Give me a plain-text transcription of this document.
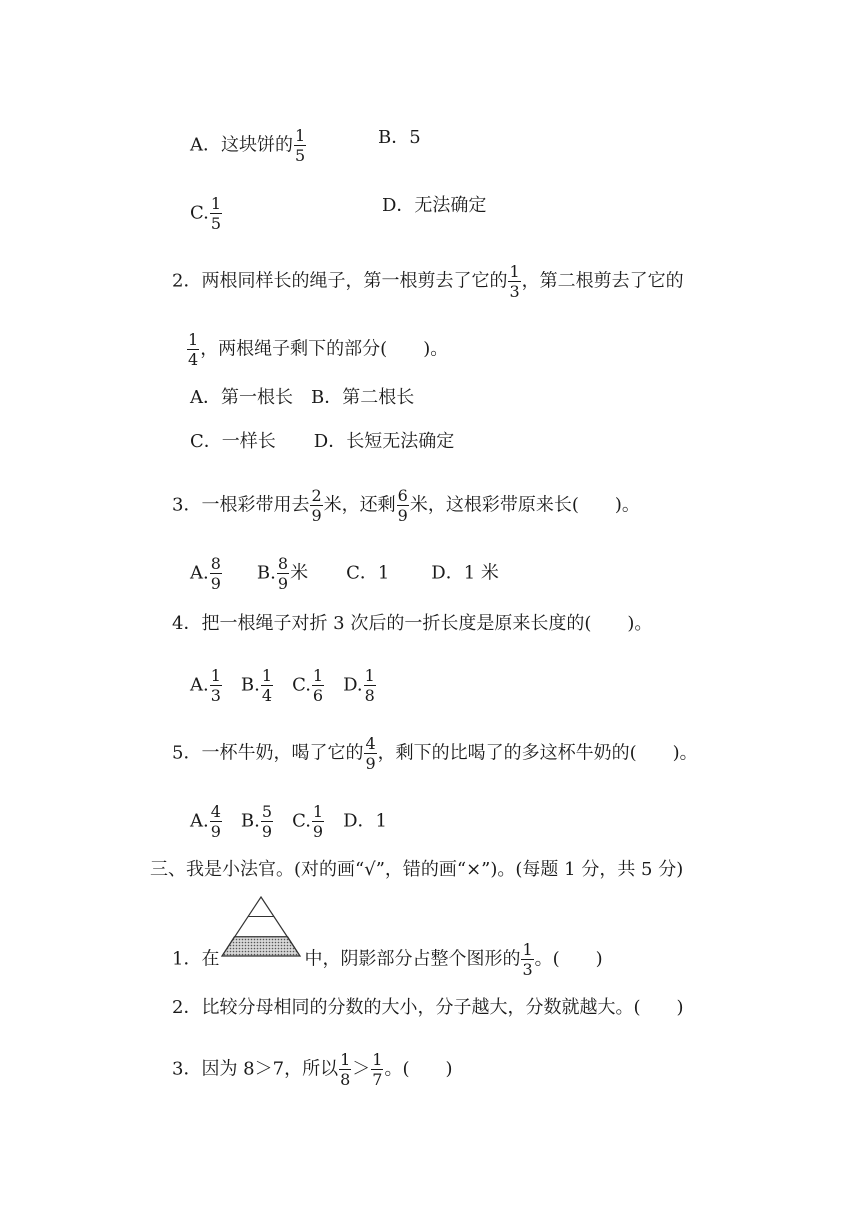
A．这块饼的 $\frac{1}{5}$	B．5
C. $\frac{1}{5}$	D．无法确定
2．两根同样长的绳子，第一根剪去了它的 $\frac{1}{3}$ ，第二根剪去了它的
$\frac{1}{4}$ ，两根绳子剩下的部分(　　)。
A．第一根长 B．第二根长
C．一样长 D．长短无法确定
3．一根彩带用去 $\frac{2}{9}$ 米，还剩 $\frac{6}{9}$ 米，这根彩带原来长(　　)。
A. $\frac{8}{9} B$. $\frac{8}{9}$ 米 C．1 D．1 米
4．把一根绳子对折 3 次后的一折长度是原来长度的(　　)。
A. $\frac{1}{3} B$. $\frac{1}{4} C$. $\frac{1}{6} D$. $\frac{1}{8}$
5．一杯牛奶，喝了它的 $\frac{4}{9}$ ，剩下的比喝了的多这杯牛奶的(　　)。
A. $\frac{4}{9} B$. $\frac{5}{9} C$. $\frac{1}{9}$ D．1
三、我是小法官。(对的画“√”，错的画“×”)。(每题 1 分，共 5 分)
1．在	中，阴影部分占整个图形的 $\frac{1}{3}$ 。(　　)
2．比较分母相同的分数的大小，分子越大，分数就越大。(　　)
3．因为 8＞7，所以 $\frac{1}{8} > \frac{1}{7}$ 。(　　)
